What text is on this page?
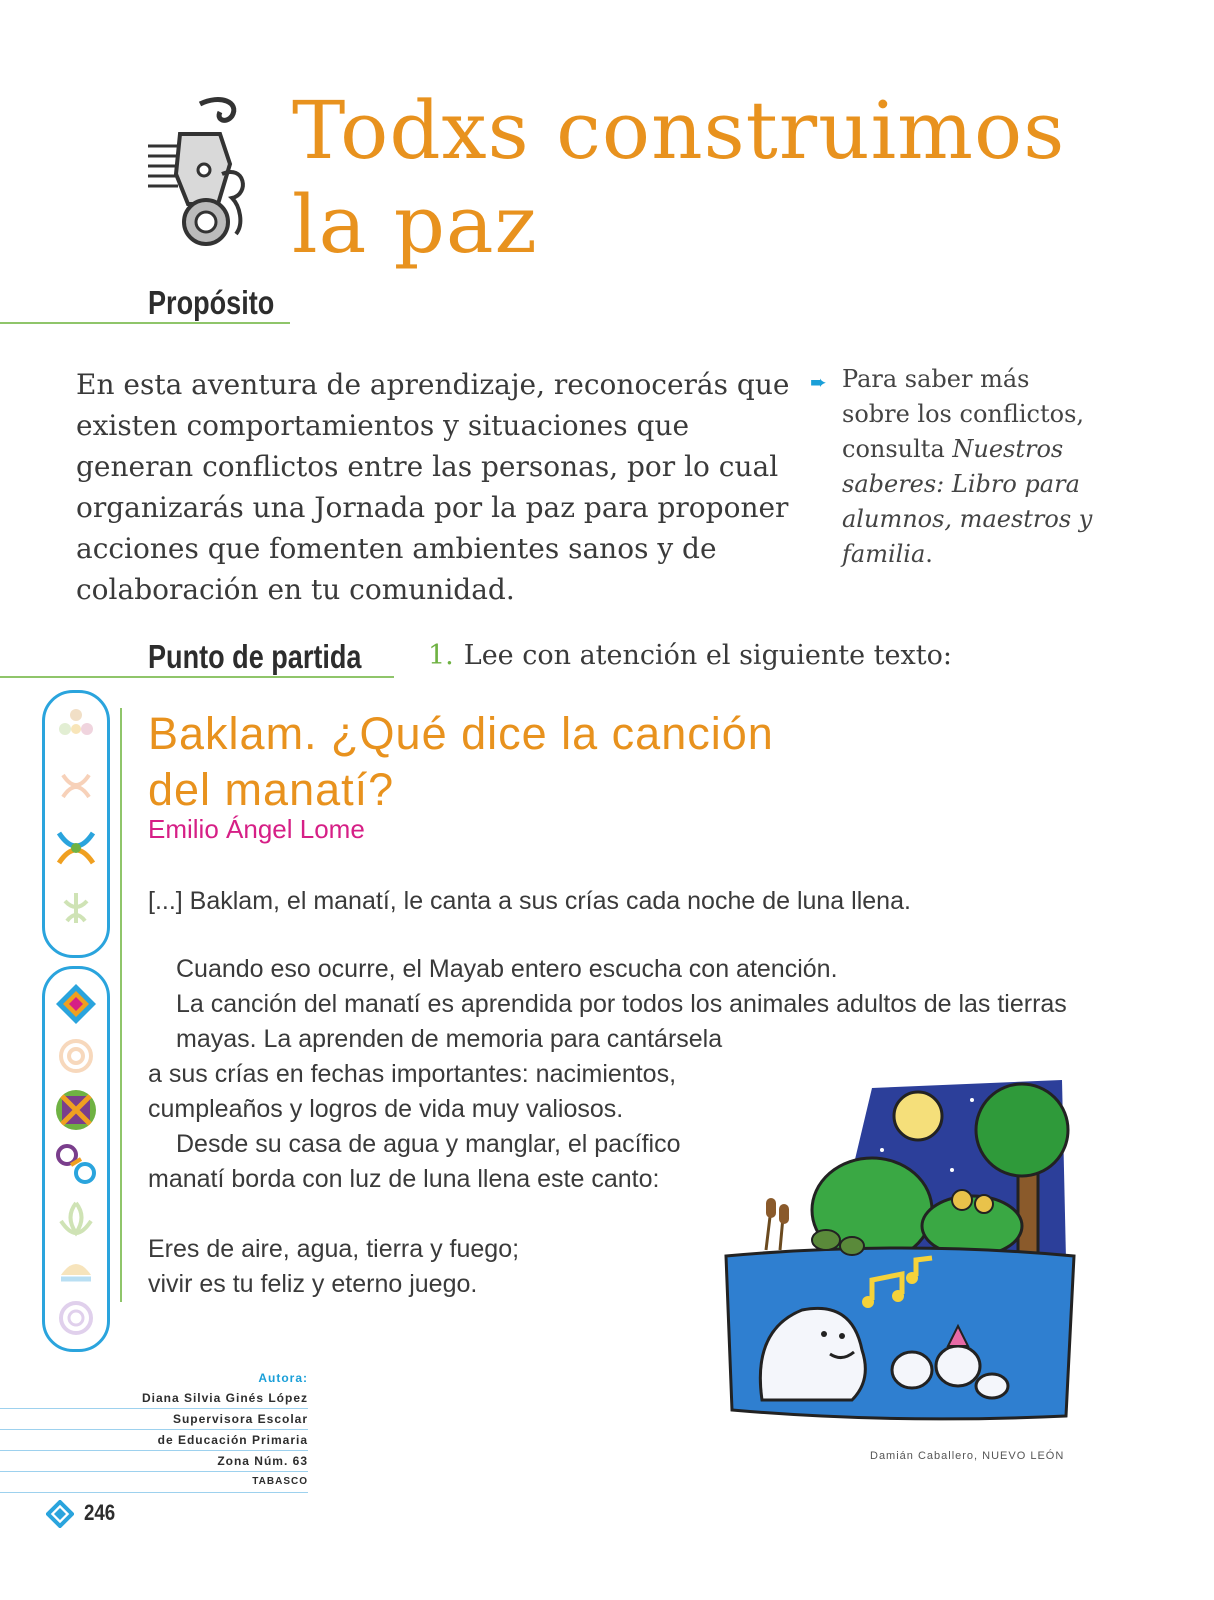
Todxs construimos
la paz
Propósito
En esta aventura de aprendizaje, reconocerás que existen comportamientos y situaciones que generan conflictos entre las personas, por lo cual organizarás una Jornada por la paz para proponer acciones que fomenten ambientes sanos y de colaboración en tu comunidad.
➨ Para saber más sobre los conflictos, consulta Nuestros saberes: Libro para alumnos, maestros y familia.
Punto de partida 1. Lee con atención el siguiente texto:
Baklam. ¿Qué dice la canción
del manatí?
Emilio Ángel Lome
[...] Baklam, el manatí, le canta a sus crías cada noche de luna llena.
Cuando eso ocurre, el Mayab entero escucha con atención.
La canción del manatí es aprendida por todos los animales adultos de las tierras mayas. La aprenden de memoria para cantársela
a sus crías en fechas importantes: nacimientos,
cumpleaños y logros de vida muy valiosos.
Desde su casa de agua y manglar, el pacífico
manatí borda con luz de luna llena este canto:
Eres de aire, agua, tierra y fuego;
vivir es tu feliz y eterno juego.
Damián Caballero, NUEVO LEÓN
Autora:
Diana Silvia Ginés López
Supervisora Escolar
de Educación Primaria
Zona Núm. 63
TABASCO
246
